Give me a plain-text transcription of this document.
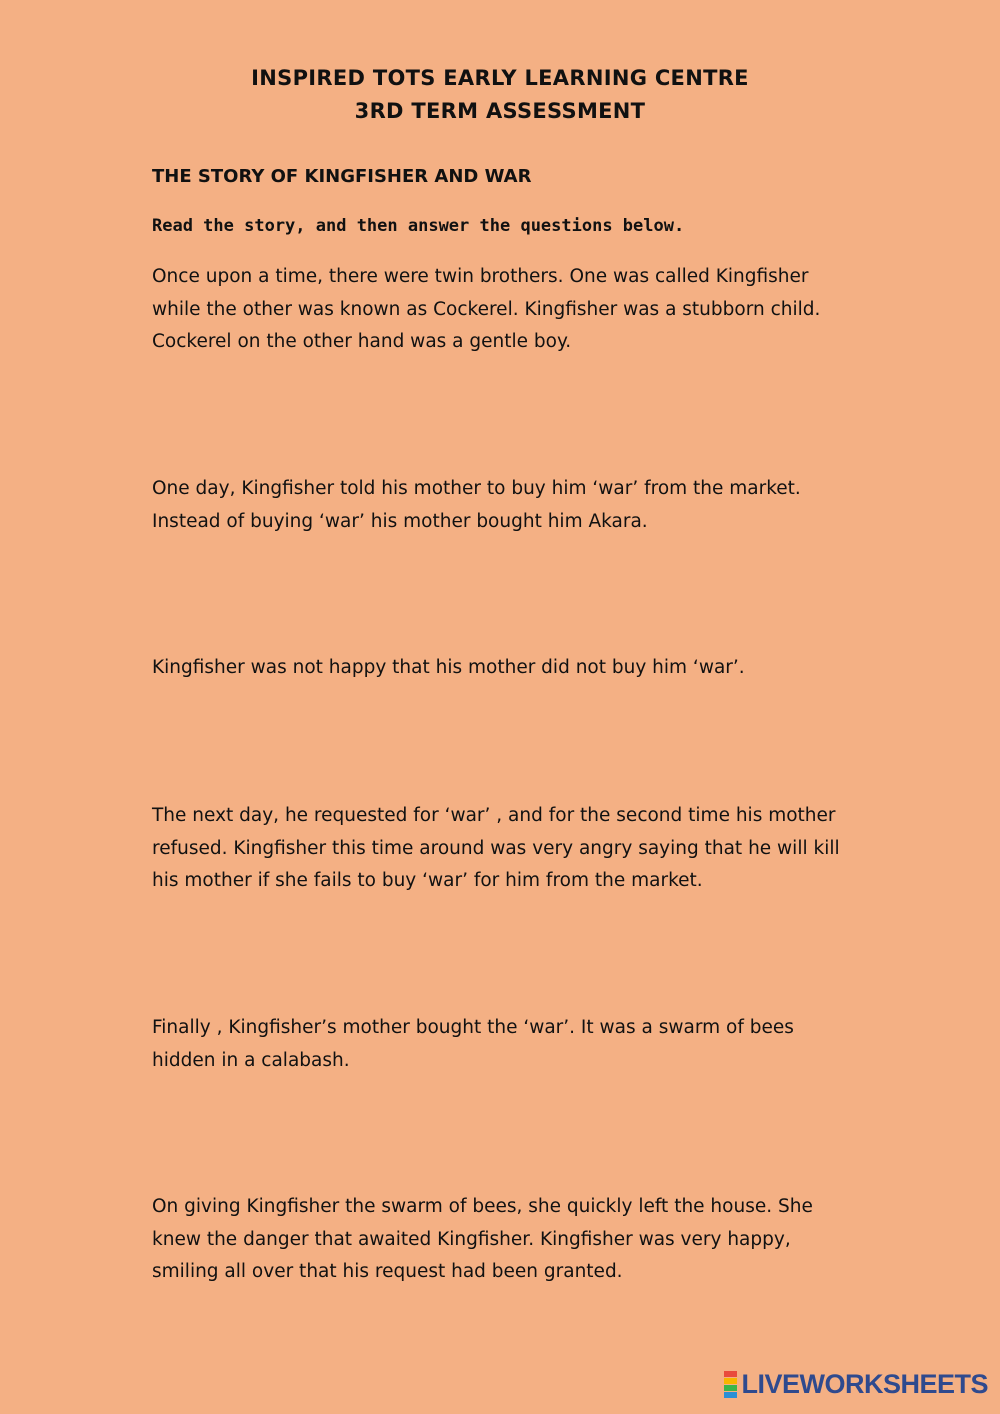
INSPIRED TOTS EARLY LEARNING CENTRE
3RD TERM ASSESSMENT
THE STORY OF KINGFISHER AND WAR
Read the story, and then answer the questions below.

Once upon a time, there were twin brothers. One was called Kingfisher while the other was known as Cockerel. Kingfisher was a stubborn child. Cockerel on the other hand was a gentle boy.

One day, Kingfisher told his mother to buy him ‘war’ from the market. Instead of buying ‘war’ his mother bought him Akara.

Kingfisher was not happy that his mother did not buy him ‘war’.

The next day, he requested for ‘war’ , and for the second time his mother refused. Kingfisher this time around was very angry saying that he will kill his mother if she fails to buy ‘war’ for him from the market.

Finally , Kingfisher’s mother bought the ‘war’. It was a swarm of bees hidden in a calabash.

On giving Kingfisher the swarm of bees, she quickly left the house. She knew the danger that awaited Kingfisher. Kingfisher was very happy, smiling all over that his request had been granted.

LIVEWORKSHEETS
